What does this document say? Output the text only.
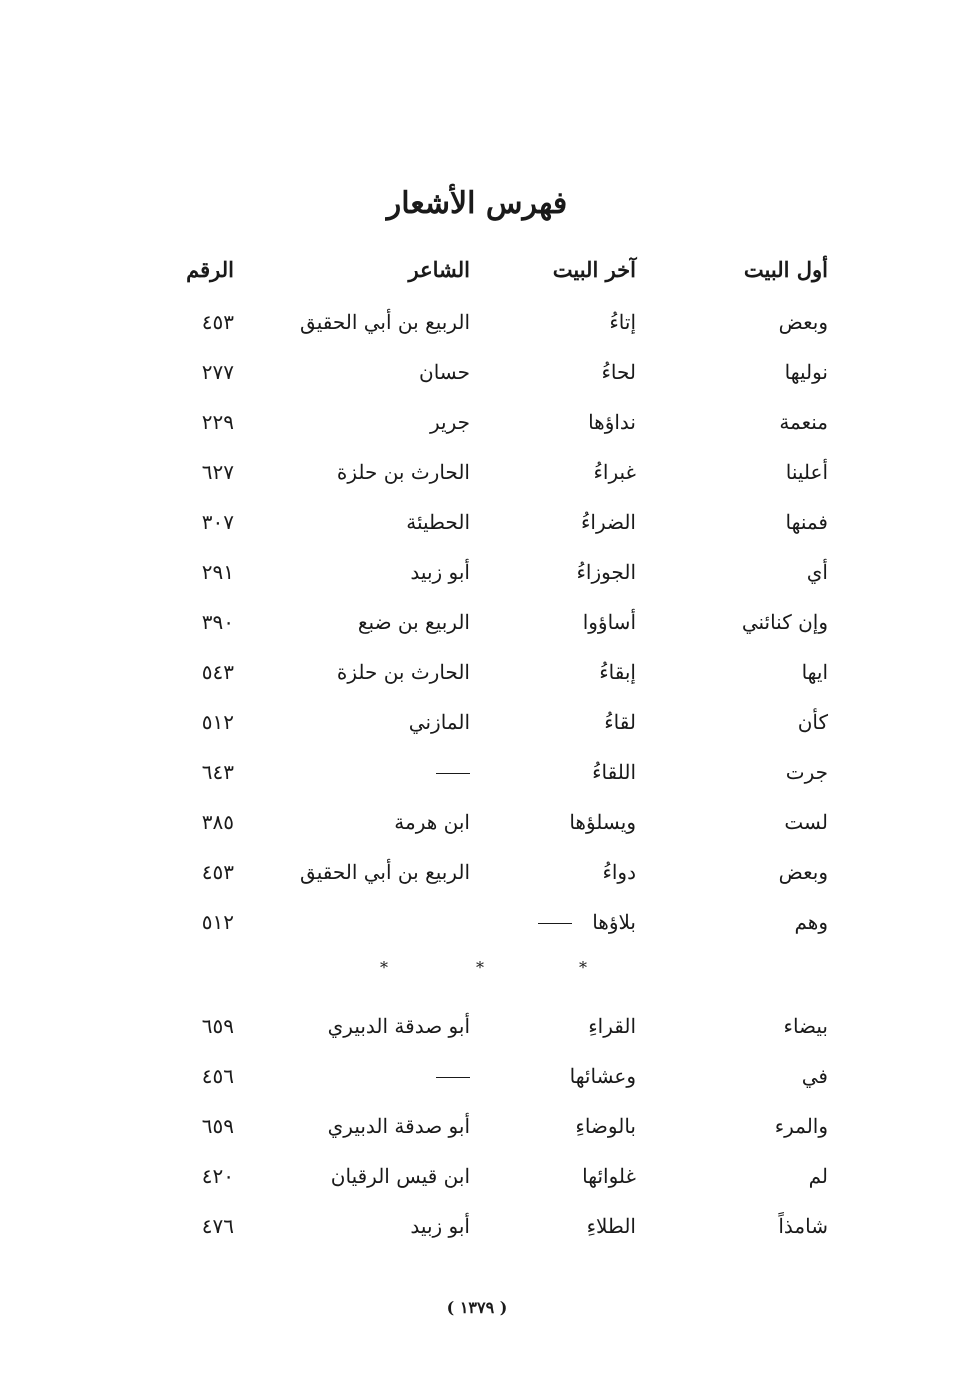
فهرس الأشعار
أول البيت
آخر البيت
الشاعر
الرقم
وبعض
إتاءُ
الربيع بن أبي الحقيق
٤٥٣
نوليها
لحاءُ
حسان
٢٧٧
منعمة
نداؤها
جرير
٢٢٩
أعلينا
غبراءُ
الحارث بن حلزة
٦٢٧
فمنها
الضراءُ
الحطيئة
٣٠٧
أي
الجوزاءُ
أبو زبيد
٢٩١
وإن كنائني
أساؤوا
الربيع بن ضبع
٣٩٠
ايها
إبقاءُ
الحارث بن حلزة
٥٤٣
كأن
لقاءُ
المازني
٥١٢
جرت
اللقاءُ
٦٤٣
لست
ويسلؤها
ابن هرمة
٣٨٥
وبعض
دواءُ
الربيع بن أبي الحقيق
٤٥٣
وهم
بلاؤها
٥١٢
*	*	*
بيضاء
القراءِ
أبو صدقة الدبيري
٦٥٩
في
وعشائها
٤٥٦
والمرء
بالوضاءِ
أبو صدقة الدبيري
٦٥٩
لم
غلوائها
ابن قيس الرقيان
٤٢٠
شامذاً
الطلاءِ
أبو زبيد
٤٧٦
( ١٣٧٩ )
